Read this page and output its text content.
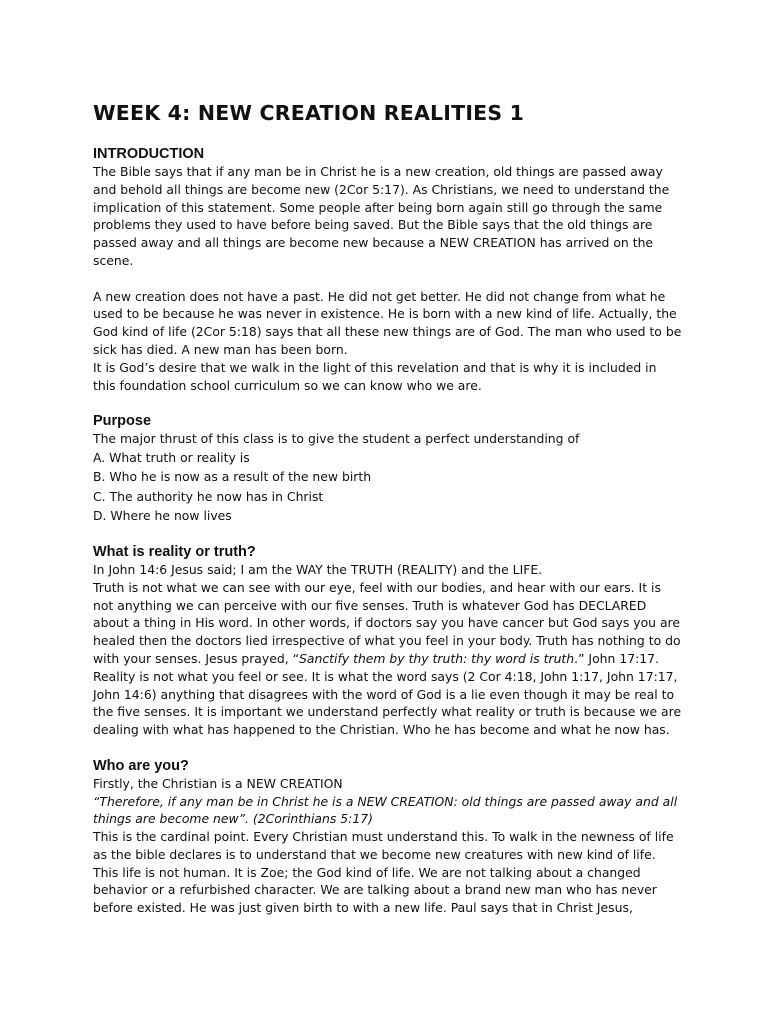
WEEK 4: NEW CREATION REALITIES 1
INTRODUCTION

The Bible says that if any man be in Christ he is a new creation, old things are passed away and behold all things are become new (2Cor 5:17). As Christians, we need to understand the implication of this statement. Some people after being born again still go through the same problems they used to have before being saved. But the Bible says that the old things are passed away and all things are become new because a NEW CREATION has arrived on the scene.

A new creation does not have a past. He did not get better. He did not change from what he used to be because he was never in existence. He is born with a new kind of life. Actually, the God kind of life (2Cor 5:18) says that all these new things are of God. The man who used to be sick has died. A new man has been born.

It is God’s desire that we walk in the light of this revelation and that is why it is included in this foundation school curriculum so we can know who we are.

Purpose

The major thrust of this class is to give the student a perfect understanding of

A. What truth or reality is

B. Who he is now as a result of the new birth

C. The authority he now has in Christ

D. Where he now lives

What is reality or truth?

In John 14:6 Jesus said; I am the WAY the TRUTH (REALITY) and the LIFE.

Truth is not what we can see with our eye, feel with our bodies, and hear with our ears. It is not anything we can perceive with our five senses. Truth is whatever God has DECLARED about a thing in His word. In other words, if doctors say you have cancer but God says you are healed then the doctors lied irrespective of what you feel in your body. Truth has nothing to do with your senses. Jesus prayed, “Sanctify them by thy truth: thy word is truth.” John 17:17. Reality is not what you feel or see. It is what the word says (2 Cor 4:18, John 1:17, John 17:17, John 14:6) anything that disagrees with the word of God is a lie even though it may be real to the five senses. It is important we understand perfectly what reality or truth is because we are dealing with what has happened to the Christian. Who he has become and what he now has.

Who are you?

Firstly, the Christian is a NEW CREATION

“Therefore, if any man be in Christ he is a NEW CREATION: old things are passed away and all things are become new”. (2Corinthians 5:17)

This is the cardinal point. Every Christian must understand this. To walk in the newness of life as the bible declares is to understand that we become new creatures with new kind of life. This life is not human. It is Zoe; the God kind of life. We are not talking about a changed behavior or a refurbished character. We are talking about a brand new man who has never before existed. He was just given birth to with a new life. Paul says that in Christ Jesus,
